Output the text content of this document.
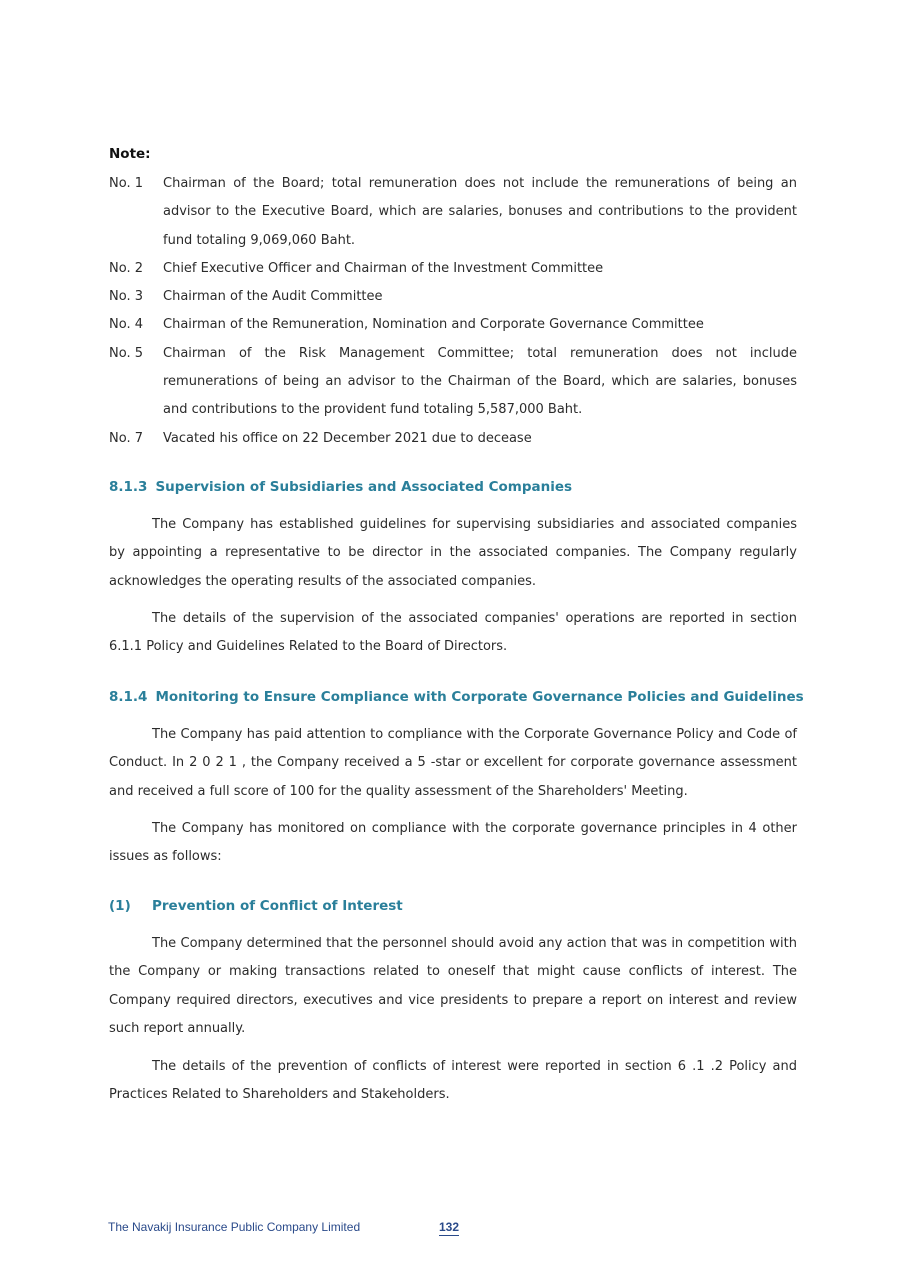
Note:
No. 1	Chairman of the Board; total remuneration does not include the remunerations of being an advisor to the Executive Board, which are salaries, bonuses and contributions to the provident fund totaling 9,069,060 Baht.
No. 2	Chief Executive Officer and Chairman of the Investment Committee
No. 3	Chairman of the Audit Committee
No. 4	Chairman of the Remuneration, Nomination and Corporate Governance Committee
No. 5	Chairman of the Risk Management Committee; total remuneration does not include remunerations of being an advisor to the Chairman of the Board, which are salaries, bonuses and contributions to the provident fund totaling 5,587,000 Baht.
No. 7	Vacated his office on 22 December 2021 due to decease
8.1.3 Supervision of Subsidiaries and Associated Companies
The Company has established guidelines for supervising subsidiaries and associated companies by appointing a representative to be director in the associated companies. The Company regularly acknowledges the operating results of the associated companies.
The details of the supervision of the associated companies' operations are reported in section 6.1.1 Policy and Guidelines Related to the Board of Directors.
8.1.4 Monitoring to Ensure Compliance with Corporate Governance Policies and Guidelines
The Company has paid attention to compliance with the Corporate Governance Policy and Code of Conduct. In 2 0 2 1 , the Company received a 5 -star or excellent for corporate governance assessment and received a full score of 100 for the quality assessment of the Shareholders' Meeting.
The Company has monitored on compliance with the corporate governance principles in 4 other issues as follows:
(1) Prevention of Conflict of Interest
The Company determined that the personnel should avoid any action that was in competition with the Company or making transactions related to oneself that might cause conflicts of interest. The Company required directors, executives and vice presidents to prepare a report on interest and review such report annually.
The details of the prevention of conflicts of interest were reported in section 6 .1 .2 Policy and Practices Related to Shareholders and Stakeholders.
The Navakij Insurance Public Company Limited	132
